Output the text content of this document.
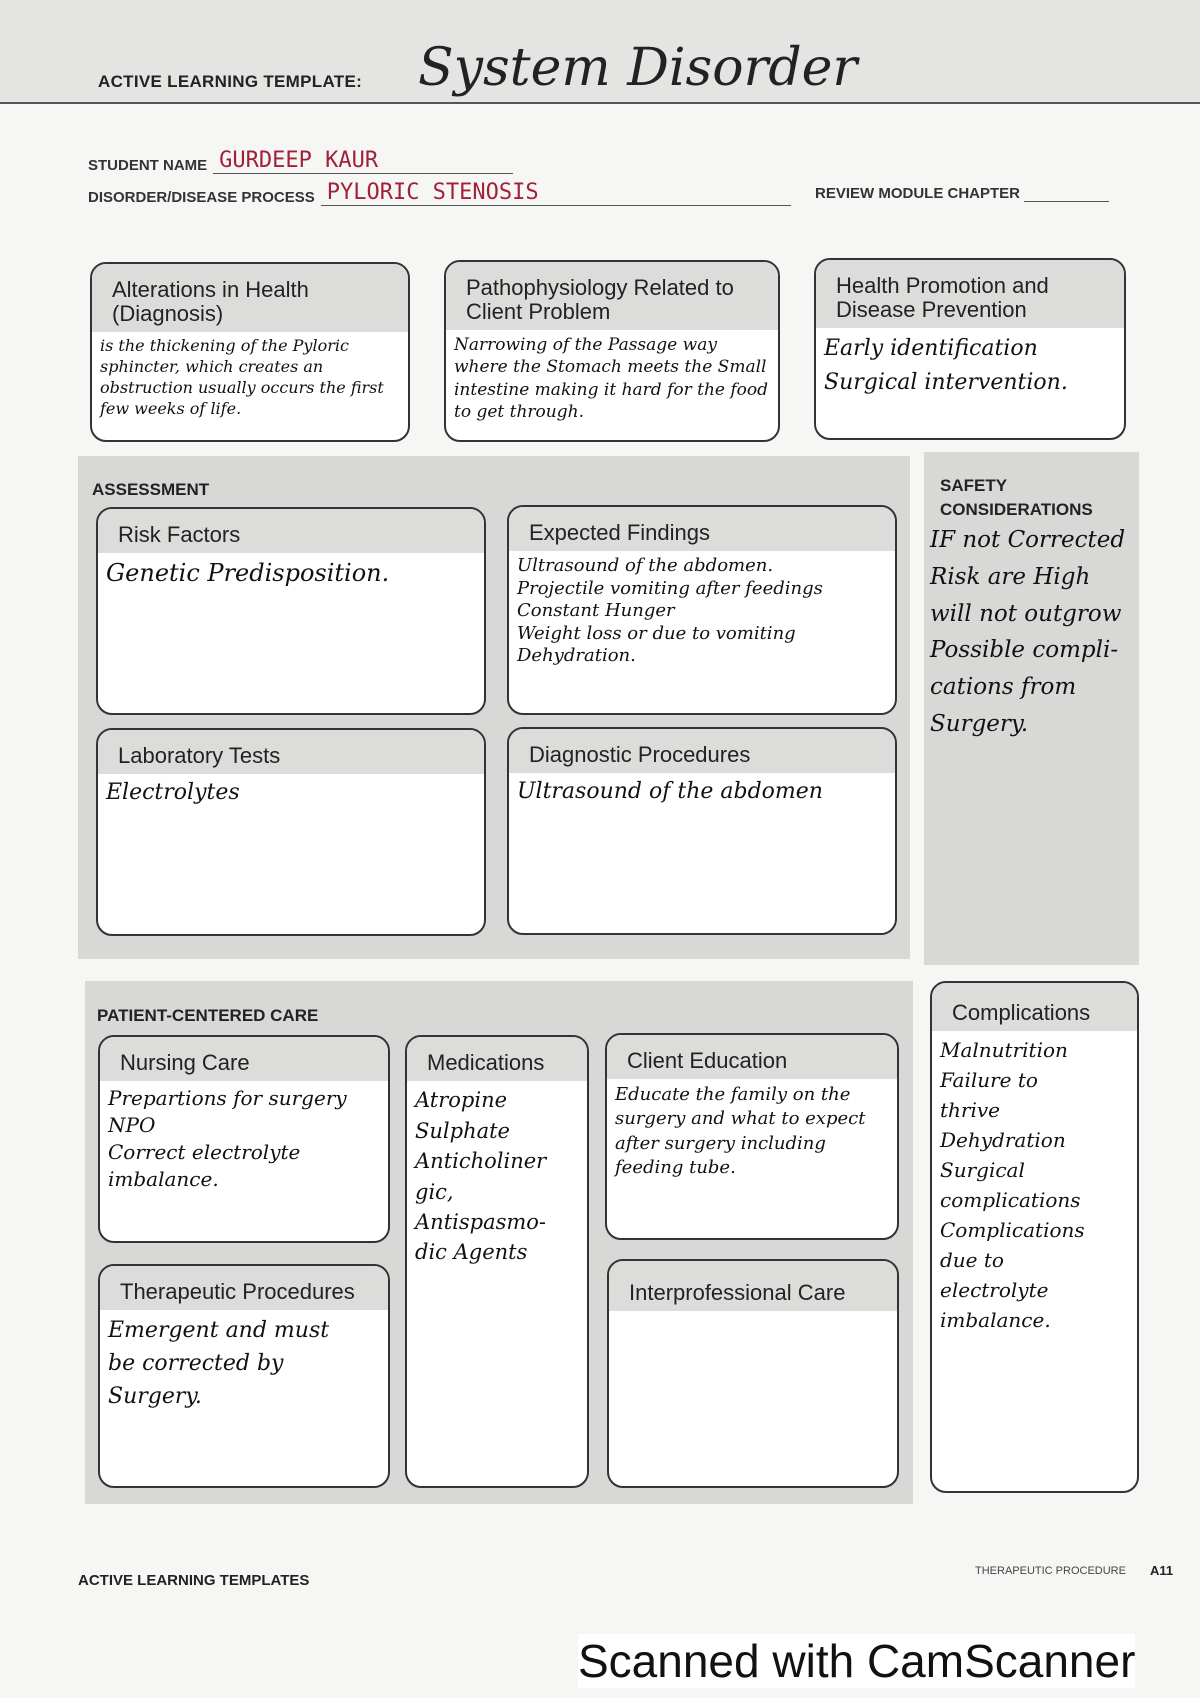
ACTIVE LEARNING TEMPLATE: System Disorder
STUDENT NAME GURDEEP KAUR
DISORDER/DISEASE PROCESS PYLORIC STENOSIS	REVIEW MODULE CHAPTER
Alterations in Health (Diagnosis)
is the thickening of the Pyloric sphincter, which creates an obstruction usually occurs the first few weeks of life.
Pathophysiology Related to Client Problem
Narrowing of the Passage way where the Stomach meets the Small intestine making it hard for the food to get through.
Health Promotion and Disease Prevention
Early identification
Surgical intervention.
ASSESSMENT
Risk Factors
Genetic Predisposition.
Expected Findings
Ultrasound of the abdomen.
Projectile vomiting after feedings
Constant Hunger
Weight loss or due to vomiting
Dehydration.
Laboratory Tests
Electrolytes
Diagnostic Procedures
Ultrasound of the abdomen
SAFETY CONSIDERATIONS
IF not Corrected
Risk are High
will not outgrow
Possible compli-
cations from
Surgery.
PATIENT-CENTERED CARE
Nursing Care
Prepartions for surgery
NPO
Correct electrolyte imbalance.
Medications
Atropine
Sulphate
Anticholiner
gic,
Antispasmo-
dic Agents
Client Education
Educate the family on the surgery and what to expect after surgery including feeding tube.
Therapeutic Procedures
Emergent and must
be corrected by
Surgery.
Interprofessional Care
Complications
Malnutrition
Failure to
thrive
Dehydration
Surgical
complications
Complications
due to
electrolyte
imbalance.
ACTIVE LEARNING TEMPLATES
THERAPEUTIC PROCEDURE A11
Scanned with CamScanner
